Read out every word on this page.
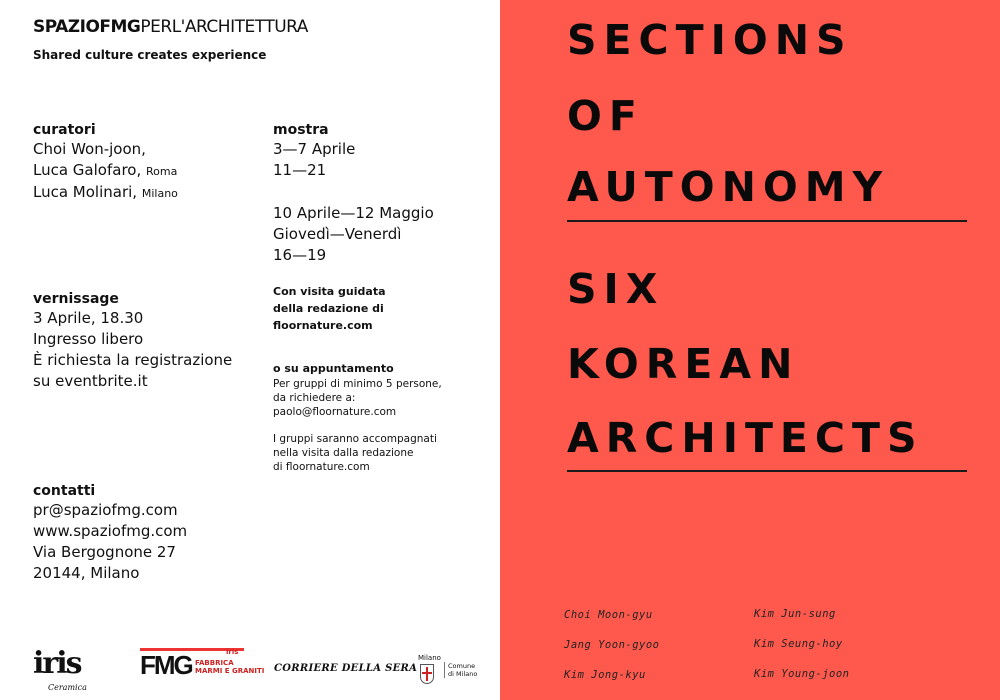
SPAZIOFMGPERL'ARCHITETTURA
Shared culture creates experience
curatori
Choi Won-joon,
Luca Galofaro, Roma
Luca Molinari, Milano
vernissage
3 Aprile, 18.30
Ingresso libero
È richiesta la registrazione
su eventbrite.it
contatti
pr@spaziofmg.com
www.spaziofmg.com
Via Bergognone 27
20144, Milano
mostra
3—7 Aprile
11—21
10 Aprile—12 Maggio
Giovedì—Venerdì
16—19
Con visita guidata
della redazione di
floornature.com
o su appuntamento
Per gruppi di minimo 5 persone,
da richiedere a:
paolo@floornature.com
I gruppi saranno accompagnati
nella visita dalla redazione
di floornature.com
iris
Ceramica
iris
FMG FABBRICA
MARMI E GRANITI CORRIERE DELLA SERA
Milano
Comune
di Milano
SECTIONS
OF
AUTONOMY
SIX
KOREAN
ARCHITECTS
Choi Moon-gyu
Jang Yoon-gyoo
Kim Jong-kyu
Kim Jun-sung
Kim Seung-hoy
Kim Young-joon
